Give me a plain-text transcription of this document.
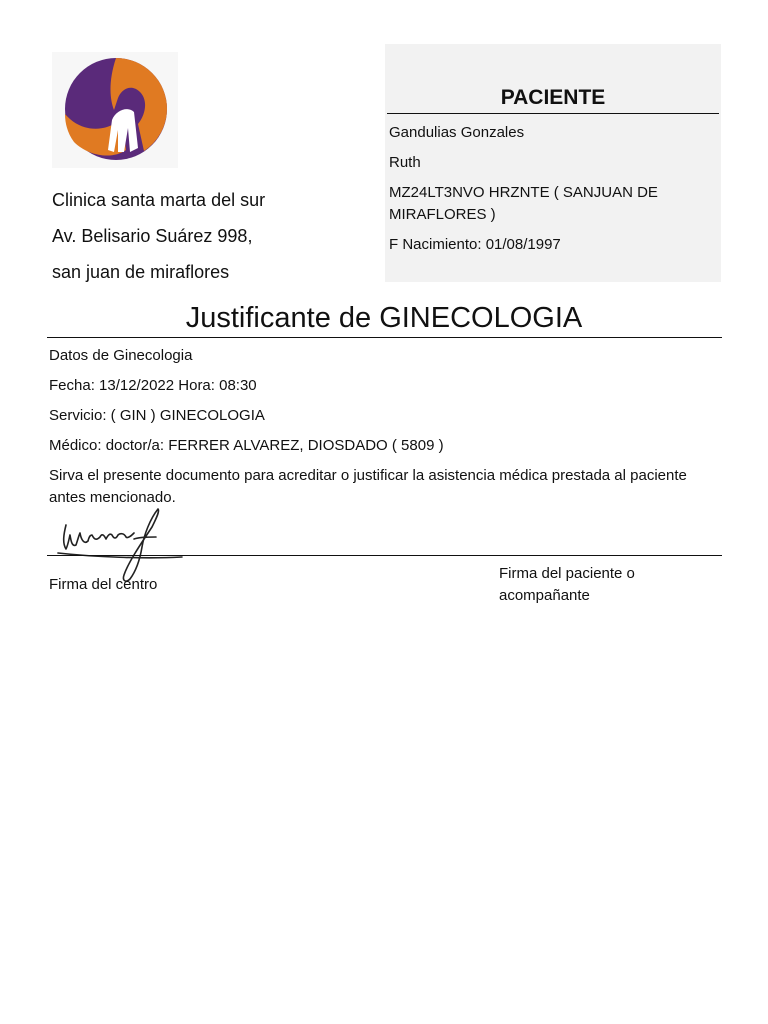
Clinica santa marta del sur
Av. Belisario Suárez 998,
san juan de miraflores
PACIENTE
Gandulias Gonzales
Ruth
MZ24LT3NVO HRZNTE ( SANJUAN DE MIRAFLORES )
F Nacimiento: 01/08/1997
Justificante de GINECOLOGIA
Datos de Ginecologia
Fecha: 13/12/2022 Hora: 08:30
Servicio: ( GIN ) GINECOLOGIA
Médico: doctor/a: FERRER ALVAREZ, DIOSDADO ( 5809 )
Sirva el presente documento para acreditar o justificar la asistencia médica prestada al paciente antes mencionado.
Firma del centro
Firma del paciente o acompañante
